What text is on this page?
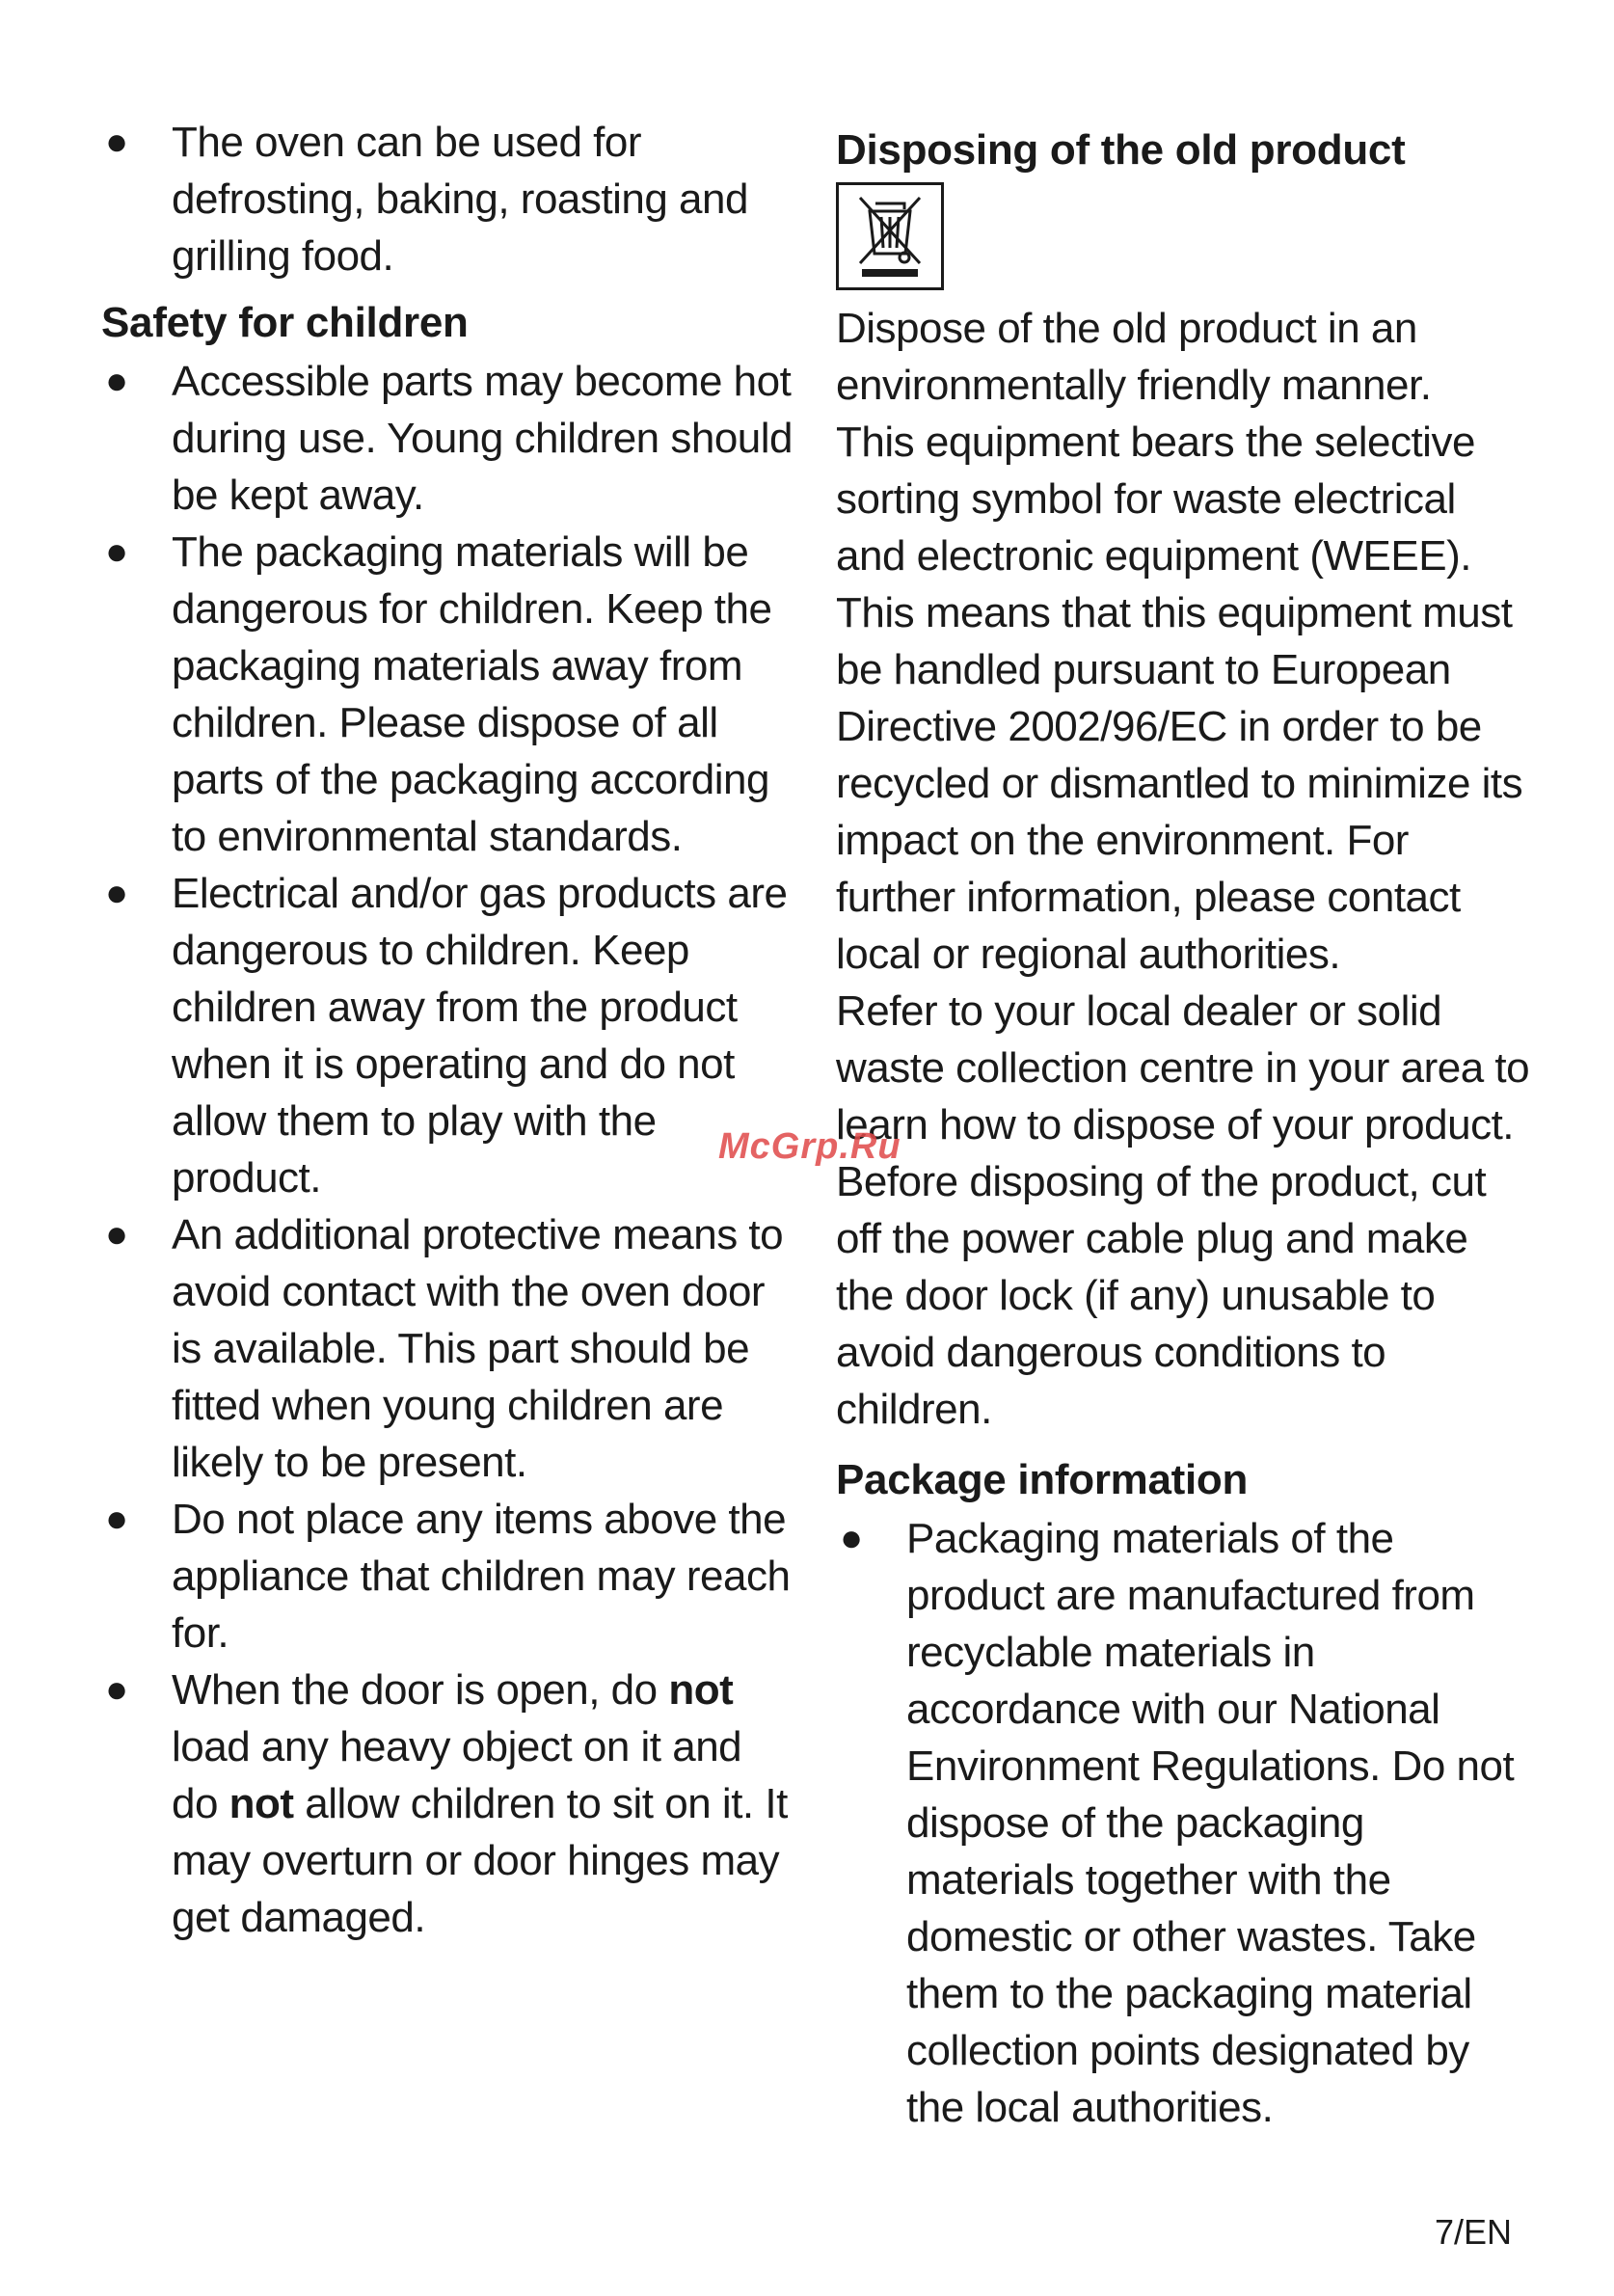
● The oven can be used for defrosting, baking, roasting and grilling food.
Safety for children
● Accessible parts may become hot during use. Young children should be kept away.
● The packaging materials will be dangerous for children. Keep the packaging materials away from children. Please dispose of all parts of the packaging according to environmental standards.
● Electrical and/or gas products are dangerous to children. Keep children away from the product when it is operating and do not allow them to play with the product.
● An additional protective means to avoid contact with the oven door is available. This part should be fitted when young children are likely to be present.
● Do not place any items above the appliance that children may reach for.
● When the door is open, do not load any heavy object on it and do not allow children to sit on it. It may overturn or door hinges may get damaged.
Disposing of the old product

Dispose of the old product in an environmentally friendly manner.

This equipment bears the selective sorting symbol for waste electrical and electronic equipment (WEEE).

This means that this equipment must be handled pursuant to European Directive 2002/96/EC in order to be recycled or dismantled to minimize its impact on the environment. For further information, please contact local or regional authorities.

Refer to your local dealer or solid waste collection centre in your area to learn how to dispose of your product.

Before disposing of the product, cut off the power cable plug and make the door lock (if any) unusable to avoid dangerous conditions to children.

Package information
● Packaging materials of the product are manufactured from recyclable materials in accordance with our National Environment Regulations. Do not dispose of the packaging materials together with the domestic or other wastes. Take them to the packaging material collection points designated by the local authorities.
McGrp.Ru
7/EN
